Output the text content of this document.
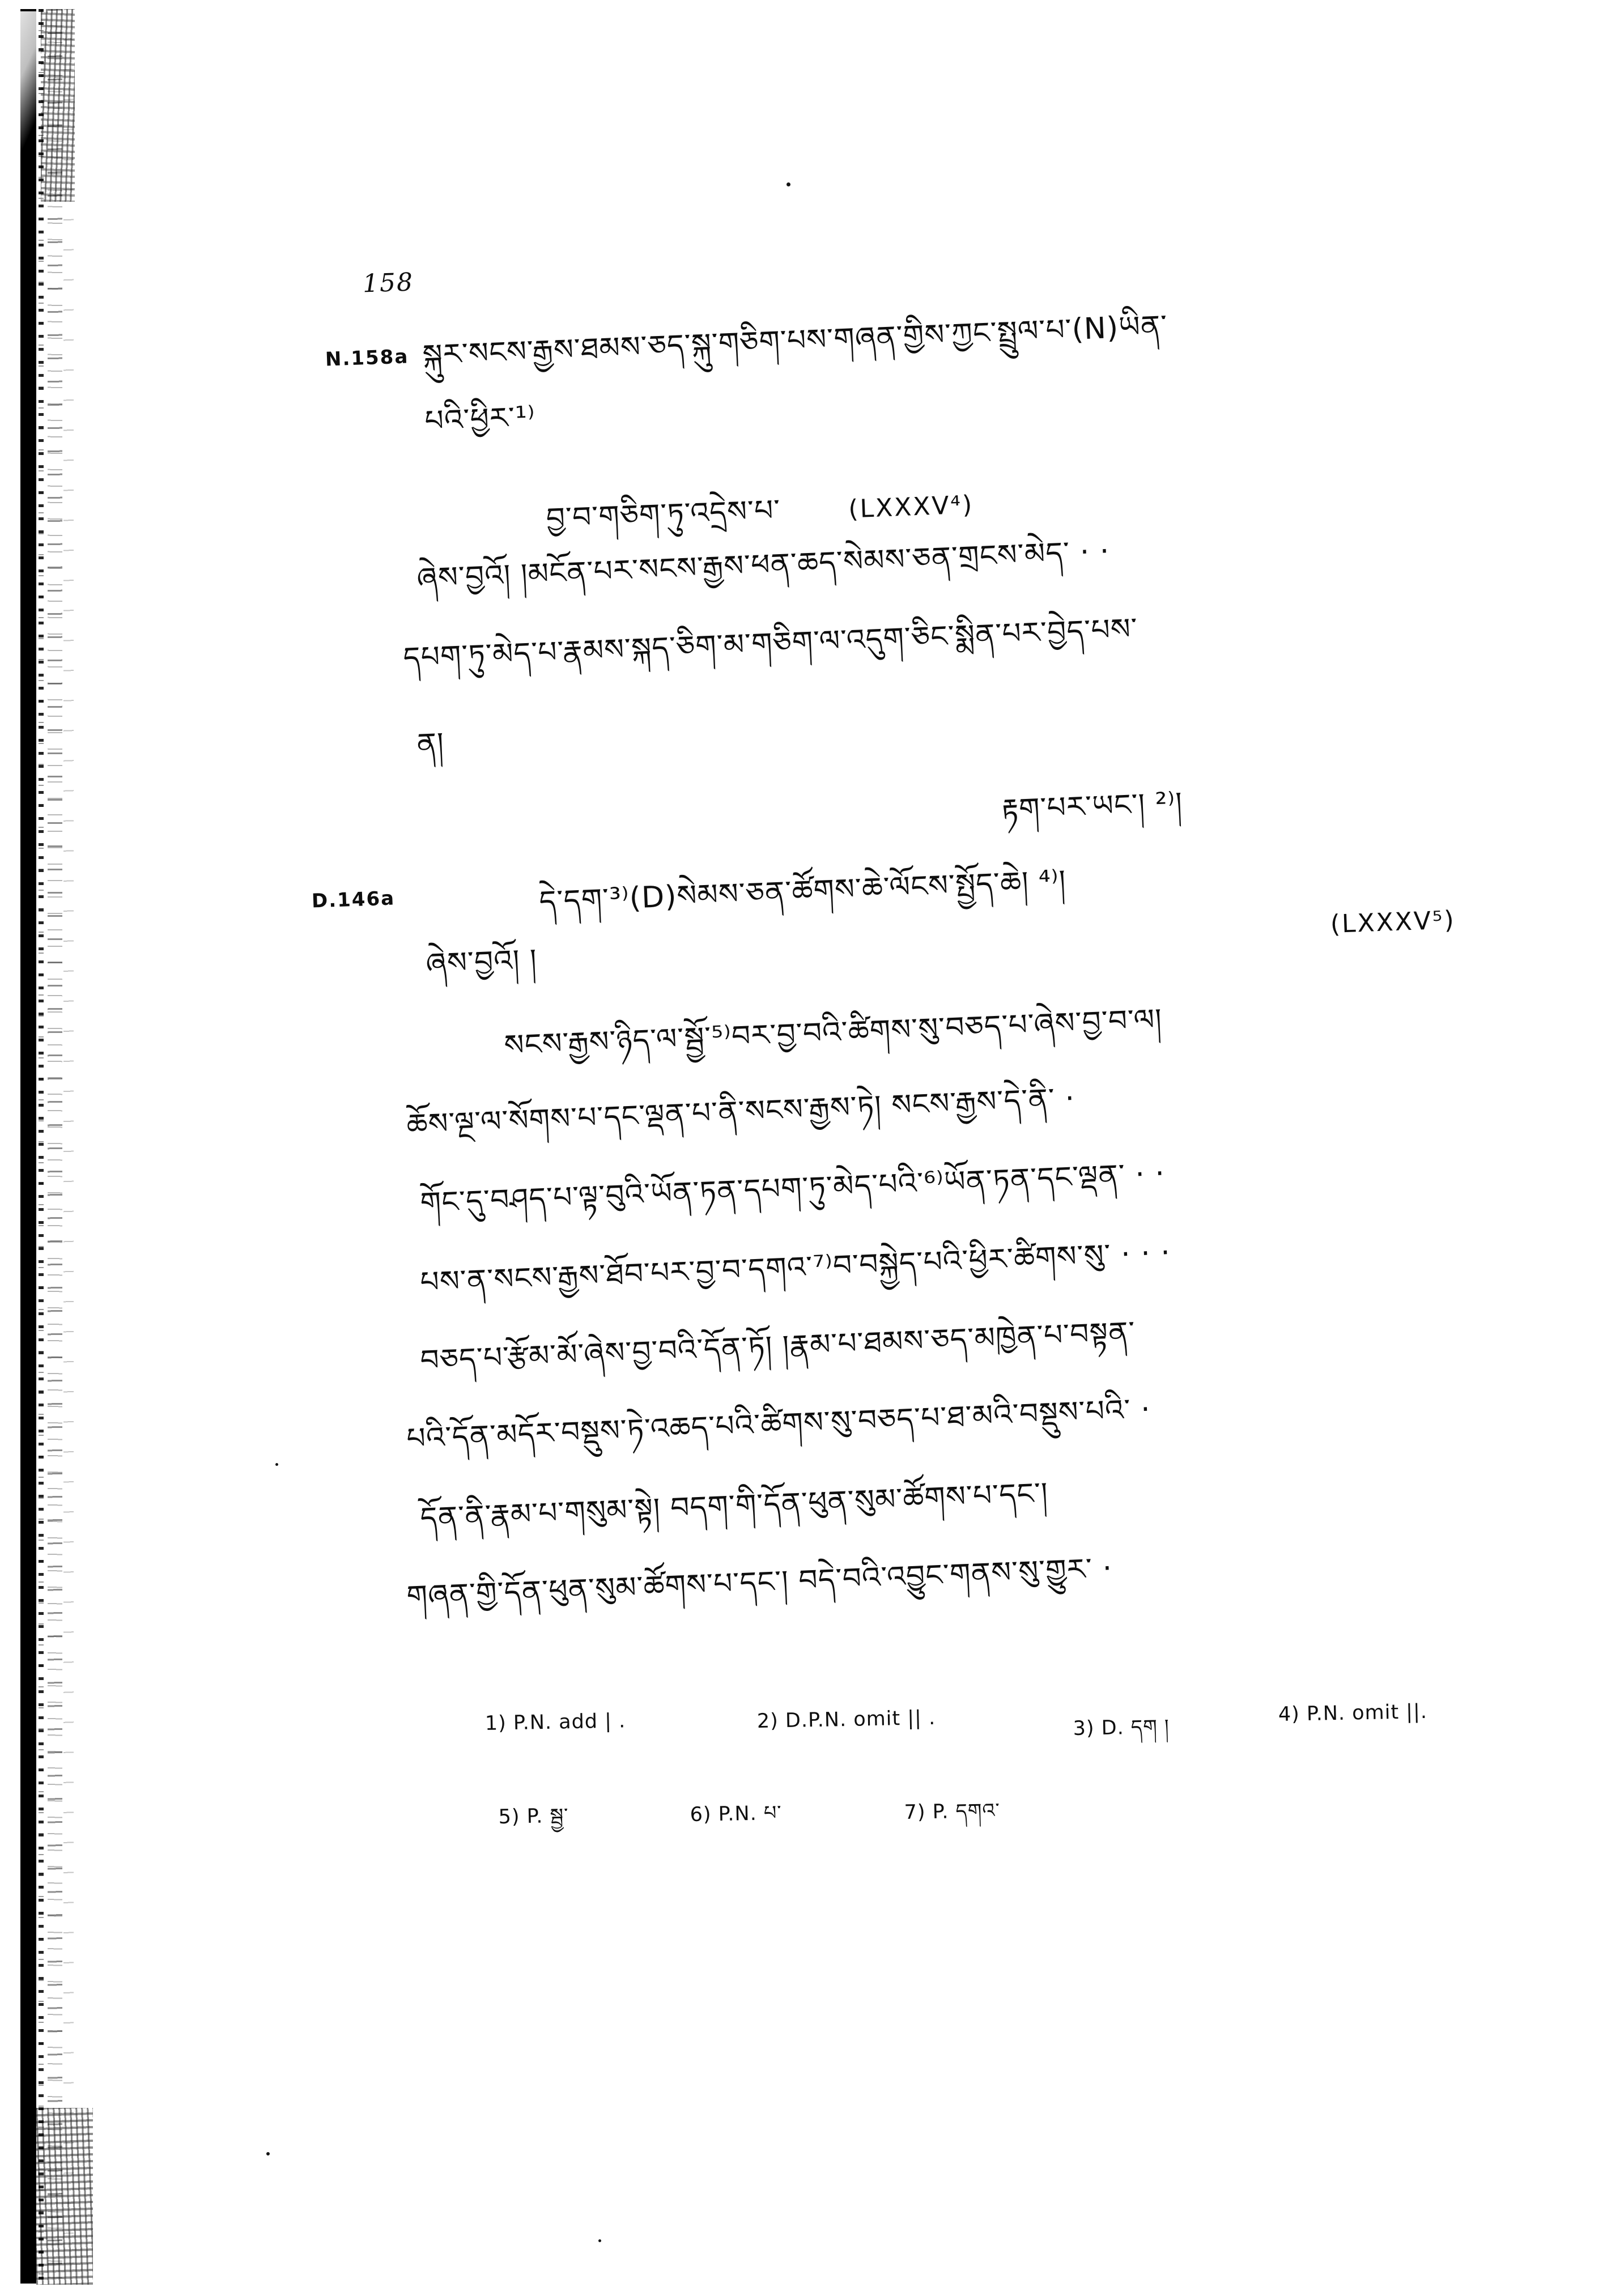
158
N.158a
D.146a
སྐུར་སངས་རྒྱས་ཐམས་ཅད་སྐུ་གཅིག་པས་གཞན་གྱིས་ཀྱང་སྤྲུལ་པ་(N)ཡིན་
པའི་ཕྱིར་¹⁾
བྱ་བ་གཅིག་ཏུ་འདྲེས་པ་	(LXXXV⁴)
ཞེས་བྱའོ། །མངོན་པར་སངས་རྒྱས་ཕན་ཆད་སེམས་ཅན་གྲངས་མེད་ · ·
དཔག་ཏུ་མེད་པ་རྣམས་སྐད་ཅིག་མ་གཅིག་ལ་འདུག་ཅིང་སྨིན་པར་བྱེད་པས་
ན།
རྟག་པར་ཡང་། ²⁾།
དེ་དག་³⁾(D)སེམས་ཅན་ཚོགས་ཆེ་ལོངས་སྤྱོད་ཆེ། ⁴⁾།
(LXXXV⁵)
ཞེས་བྱའོ། །
སངས་རྒྱས་ཉིད་ལ་སྦྱོ་⁵⁾བར་བྱ་བའི་ཚིགས་སུ་བཅད་པ་ཞེས་བྱ་བ་ལ།
ཆོས་ལྔ་ལ་སོགས་པ་དང་ལྡན་པ་ནི་སངས་རྒྱས་ཏེ། སངས་རྒྱས་དེ་ནི་ ·
གོང་དུ་བཤད་པ་ལྟ་བུའི་ཡོན་ཏན་དཔག་ཏུ་མེད་པའི་⁶⁾ཡོན་ཏན་དང་ལྡན་ · ·
པས་ན་སངས་རྒྱས་ཐོབ་པར་བྱ་བ་དགའ་⁷⁾བ་བསྐྱེད་པའི་ཕྱིར་ཚིགས་སུ་ · · ·
བཅད་པ་རྩོམ་མོ་ཞེས་བྱ་བའི་དོན་ཏོ། །རྣམ་པ་ཐམས་ཅད་མཁྱེན་པ་བསྟན་
པའི་དོན་མདོར་བསྡུས་ཏེ་འཆད་པའི་ཚིགས་སུ་བཅད་པ་ཐ་མའི་བསྡུས་པའི་ ·
དོན་ནི་རྣམ་པ་གསུམ་སྟེ། བདག་གི་དོན་ཕུན་སུམ་ཚོགས་པ་དང་།
གཞན་གྱི་དོན་ཕུན་སུམ་ཚོགས་པ་དང་། བདེ་བའི་འབྱུང་གནས་སུ་གྱུར་ ·
1) P.N. add | .	2) D.P.N. omit || .	3) D. དག །
4) P.N. omit ||.
5) P. སྦྱ་	6) P.N. པ་	7) P. དགའ་
